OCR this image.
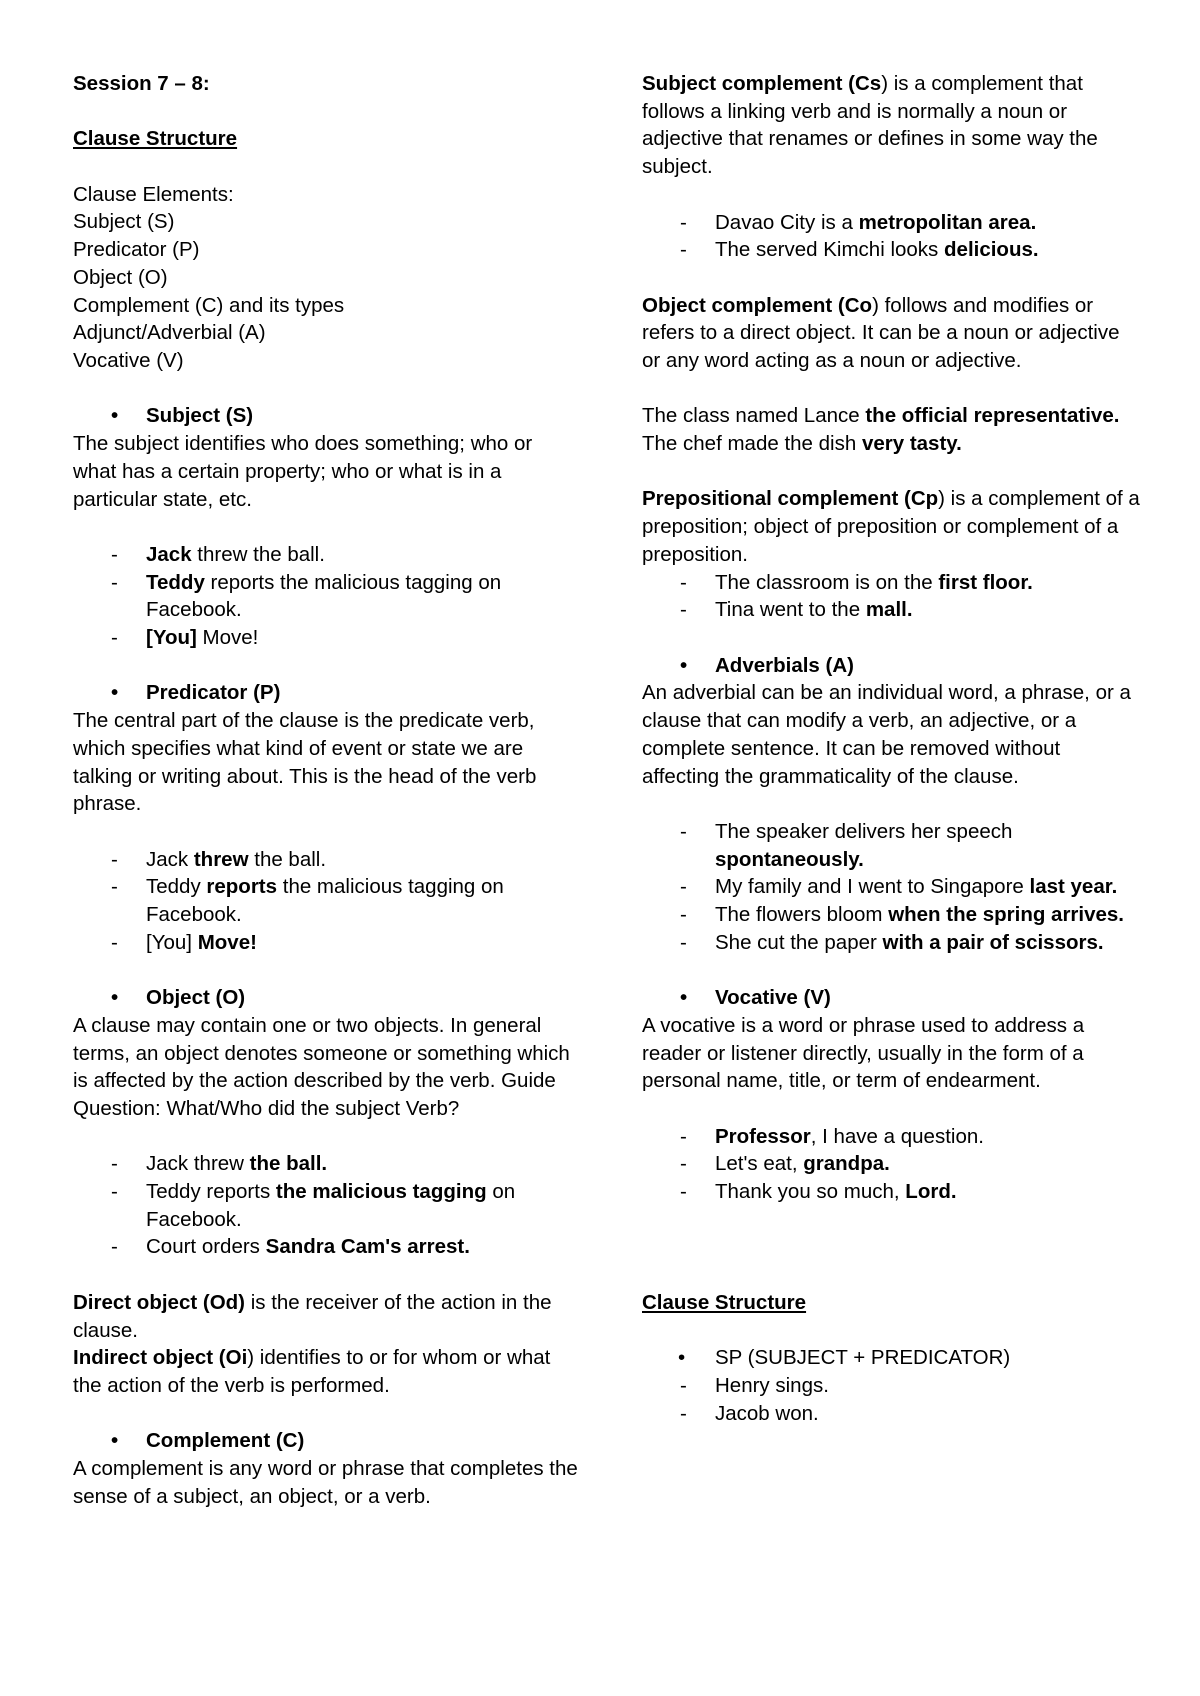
Session 7 – 8:

Clause Structure

Clause Elements:

Subject (S)

Predicator (P)

Object (O)

Complement (C) and its types

Adjunct/Adverbial (A)

Vocative (V)

• Subject (S)

The subject identifies who does something; who or what has a certain property; who or what is in a particular state, etc.

- Jack threw the ball.

- Teddy reports the malicious tagging on Facebook.

- [You] Move!

• Predicator (P)

The central part of the clause is the predicate verb, which specifies what kind of event or state we are talking or writing about. This is the head of the verb phrase.

- Jack threw the ball.

- Teddy reports the malicious tagging on Facebook.

- [You] Move!

• Object (O)

A clause may contain one or two objects. In general terms, an object denotes someone or something which is affected by the action described by the verb. Guide Question: What/Who did the subject Verb?

- Jack threw the ball.

- Teddy reports the malicious tagging on Facebook.

- Court orders Sandra Cam's arrest.

Direct object (Od) is the receiver of the action in the clause.

Indirect object (Oi) identifies to or for whom or what the action of the verb is performed.

• Complement (C)

A complement is any word or phrase that completes the sense of a subject, an object, or a verb.

Subject complement (Cs) is a complement that follows a linking verb and is normally a noun or adjective that renames or defines in some way the subject.

- Davao City is a metropolitan area.

- The served Kimchi looks delicious.

Object complement (Co) follows and modifies or refers to a direct object. It can be a noun or adjective or any word acting as a noun or adjective.

The class named Lance the official representative.

The chef made the dish very tasty.

Prepositional complement (Cp) is a complement of a preposition; object of preposition or complement of a preposition.

- The classroom is on the first floor.

- Tina went to the mall.

• Adverbials (A)

An adverbial can be an individual word, a phrase, or a clause that can modify a verb, an adjective, or a complete sentence. It can be removed without affecting the grammaticality of the clause.

- The speaker delivers her speech spontaneously.

- My family and I went to Singapore last year.

- The flowers bloom when the spring arrives.

- She cut the paper with a pair of scissors.

• Vocative (V)

A vocative is a word or phrase used to address a reader or listener directly, usually in the form of a personal name, title, or term of endearment.

- Professor, I have a question.

- Let's eat, grandpa.

- Thank you so much, Lord.

Clause Structure

• SP (SUBJECT + PREDICATOR)

- Henry sings.

- Jacob won.
